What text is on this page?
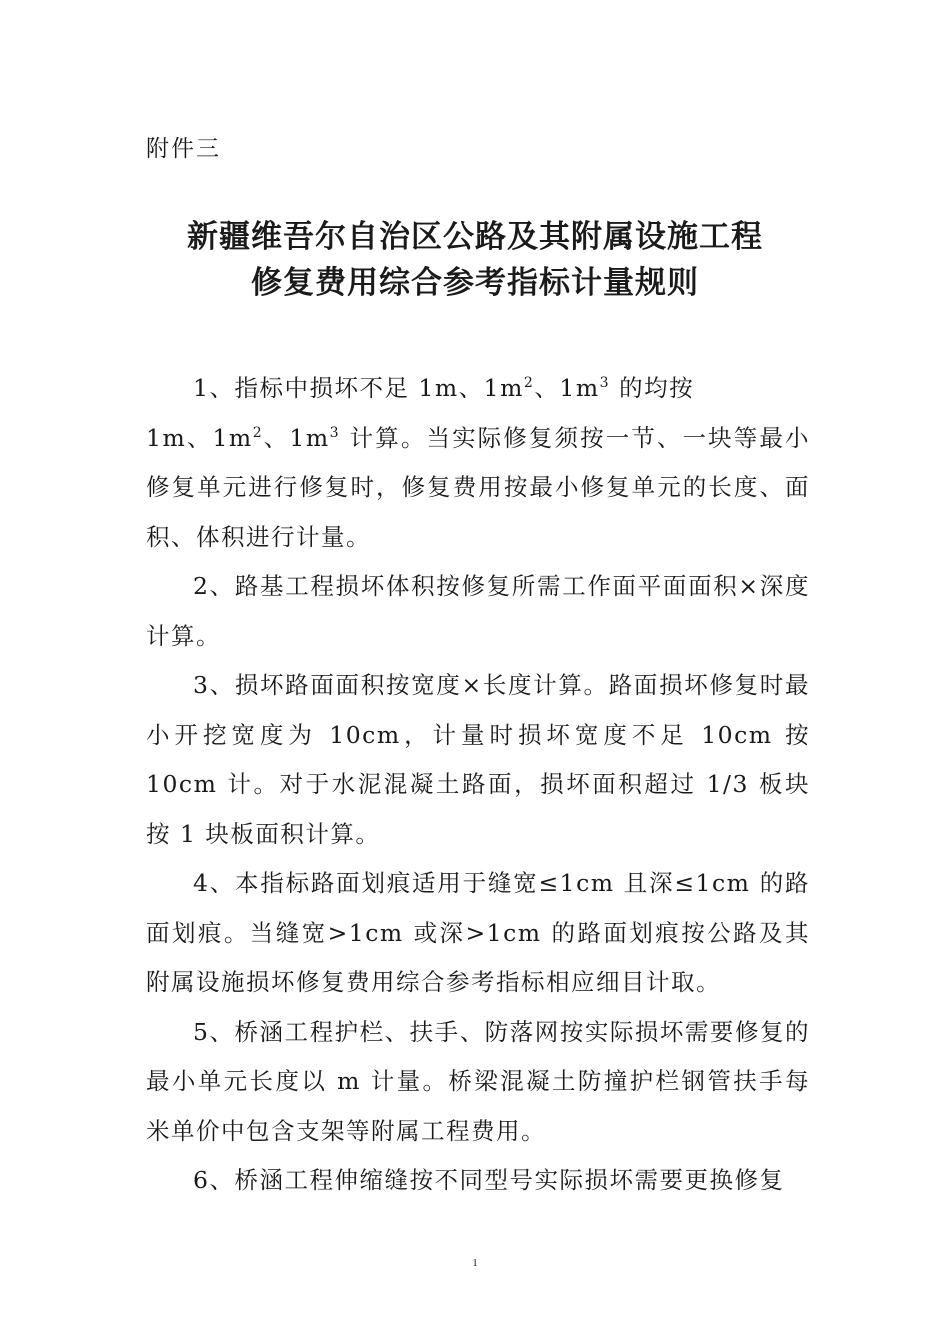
附件三

新疆维吾尔自治区公路及其附属设施工程
修复费用综合参考指标计量规则

1、指标中损坏不足 1m、$1m^2$、$1m^3$ 的均按
1m、$1m^2$、$1m^3$ 计算。当实际修复须按一节、一块等最小修复单元进行修复时，修复费用按最小修复单元的长度、面积、体积进行计量。

2、路基工程损坏体积按修复所需工作面平面面积×深度计算。

3、损坏路面面积按宽度×长度计算。路面损坏修复时最小开挖宽度为 10cm，计量时损坏宽度不足 10cm 按 10cm 计。对于水泥混凝土路面，损坏面积超过 1/3 板块按 1 块板面积计算。

4、本指标路面划痕适用于缝宽≤1cm 且深≤1cm 的路面划痕。当缝宽>1cm 或深>1cm 的路面划痕按公路及其附属设施损坏修复费用综合参考指标相应细目计取。

5、桥涵工程护栏、扶手、防落网按实际损坏需要修复的最小单元长度以 m 计量。桥梁混凝土防撞护栏钢管扶手每米单价中包含支架等附属工程费用。

6、桥涵工程伸缩缝按不同型号实际损坏需要更换修复

1
